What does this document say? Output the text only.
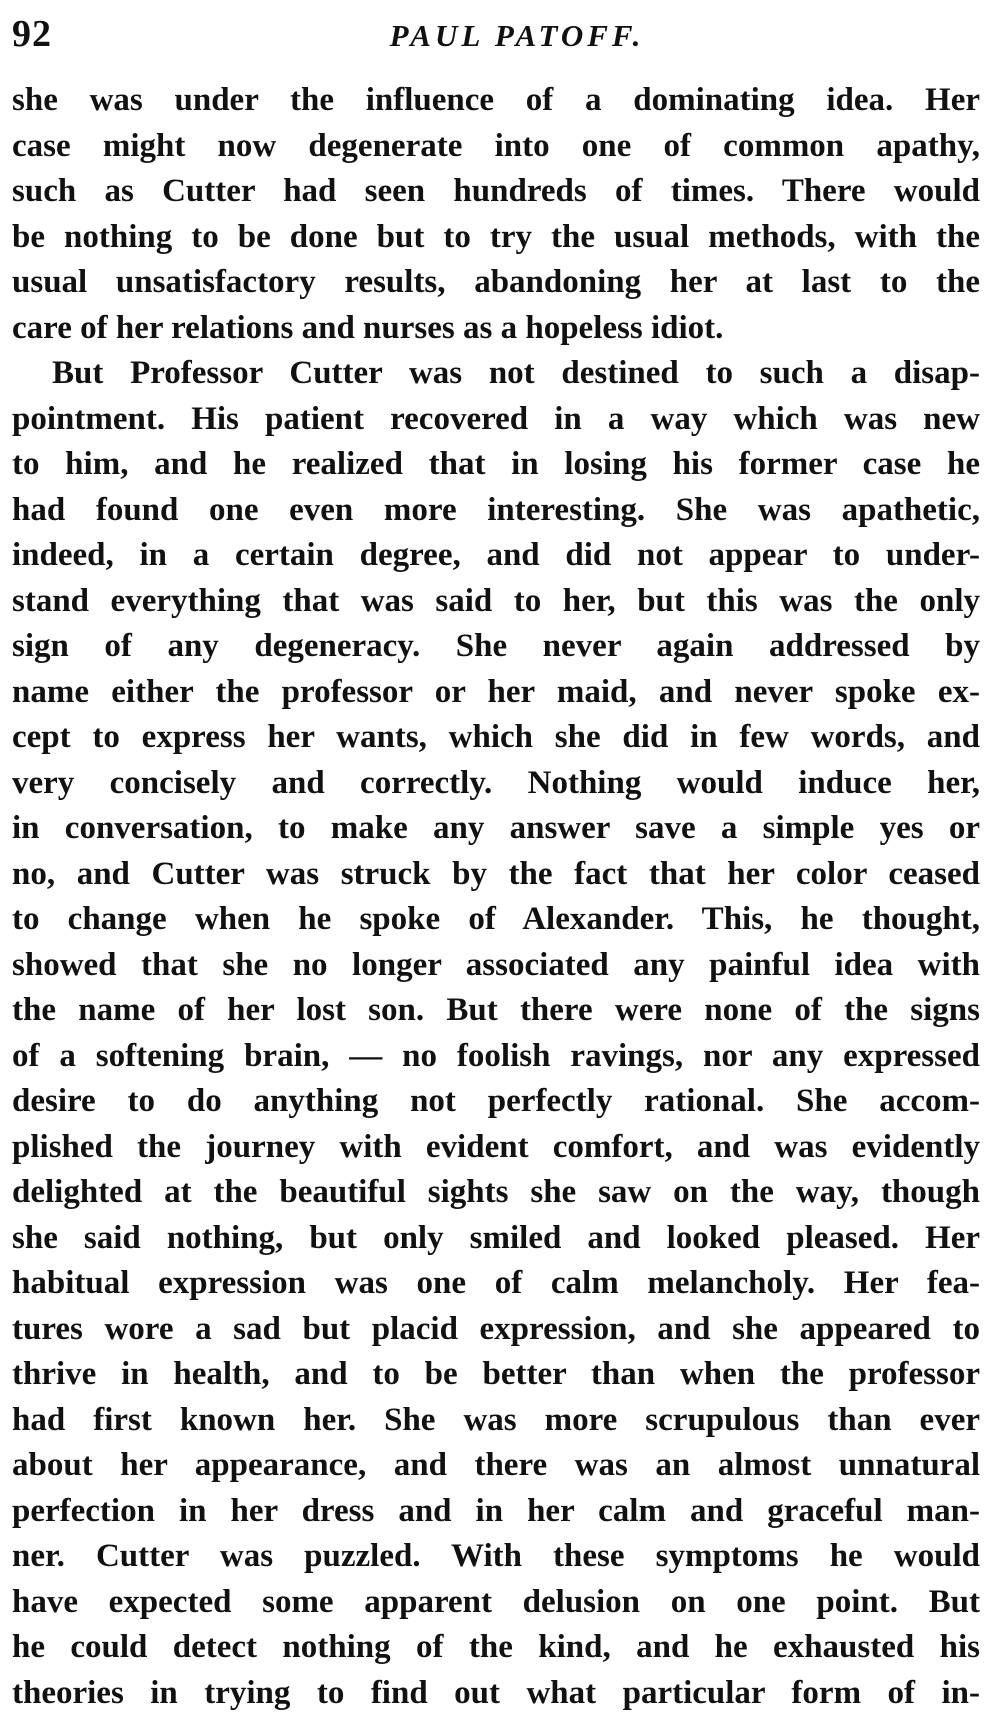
92	PAUL PATOFF.
she was under the influence of a dominating idea. Her
case might now degenerate into one of common apathy,
such as Cutter had seen hundreds of times. There would
be nothing to be done but to try the usual methods, with the
usual unsatisfactory results, abandoning her at last to the
care of her relations and nurses as a hopeless idiot.
But Professor Cutter was not destined to such a disap-
pointment. His patient recovered in a way which was new
to him, and he realized that in losing his former case he
had found one even more interesting. She was apathetic,
indeed, in a certain degree, and did not appear to under-
stand everything that was said to her, but this was the only
sign of any degeneracy. She never again addressed by
name either the professor or her maid, and never spoke ex-
cept to express her wants, which she did in few words, and
very concisely and correctly. Nothing would induce her,
in conversation, to make any answer save a simple yes or
no, and Cutter was struck by the fact that her color ceased
to change when he spoke of Alexander. This, he thought,
showed that she no longer associated any painful idea with
the name of her lost son. But there were none of the signs
of a softening brain, — no foolish ravings, nor any expressed
desire to do anything not perfectly rational. She accom-
plished the journey with evident comfort, and was evidently
delighted at the beautiful sights she saw on the way, though
she said nothing, but only smiled and looked pleased. Her
habitual expression was one of calm melancholy. Her fea-
tures wore a sad but placid expression, and she appeared to
thrive in health, and to be better than when the professor
had first known her. She was more scrupulous than ever
about her appearance, and there was an almost unnatural
perfection in her dress and in her calm and graceful man-
ner. Cutter was puzzled. With these symptoms he would
have expected some apparent delusion on one point. But
he could detect nothing of the kind, and he exhausted his
theories in trying to find out what particular form of in-
